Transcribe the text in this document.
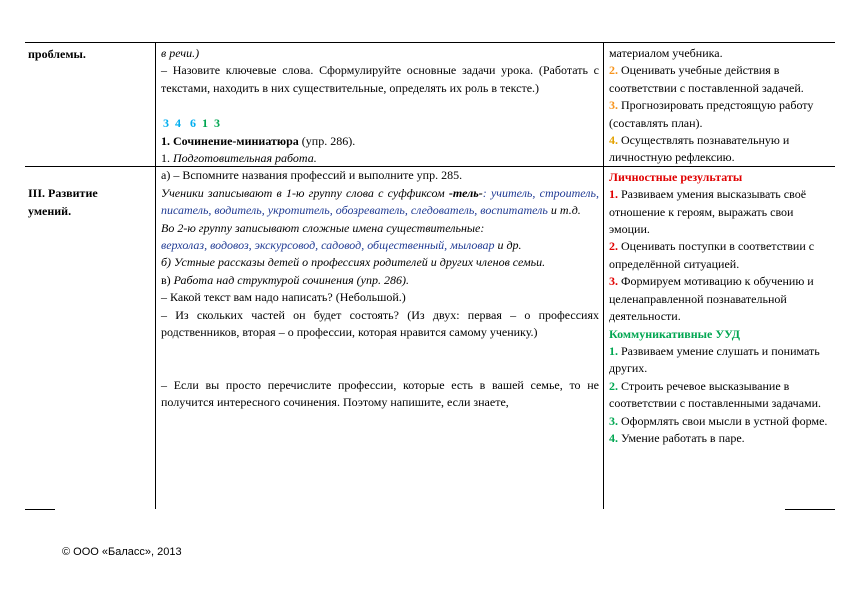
проблемы.
III. Развитие
умений.

в речи.)

– Назовите ключевые слова. Сформулируйте основные задачи урока. (Работать с текстами, находить в них существительные, определять их роль в тексте.)

3 4 6 1 3

1. Сочинение-миниатюра (упр. 286).

1. Подготовительная работа.

а) – Вспомните названия профессий и выполните упр. 285.

Ученики записывают в 1-ю группу слова с суффиксом -тель-: учитель, строитель, писатель, водитель, укротитель, обозреватель, следователь, воспитатель и т.д.

Во 2-ю группу записывают сложные имена существительные:

верхолаз, водовоз, экскурсовод, садовод, общественный, мыловар и др.

б) Устные рассказы детей о профессиях родителей и других членов семьи.

в) Работа над структурой сочинения (упр. 286).

– Какой текст вам надо написать? (Небольшой.)

– Из скольких частей он будет состоять? (Из двух: первая – о профессиях родственников, вторая – о профессии, которая нравится самому ученику.)

– Если вы просто перечислите профессии, которые есть в вашей семье, то не получится интересного сочинения. Поэтому напишите, если знаете,

материалом учебника.

2. Оценивать учебные действия в соответствии с поставленной задачей.

3. Прогнозировать предстоящую работу (составлять план).

4. Осуществлять познавательную и личностную рефлексию.

Личностные результаты

1. Развиваем умения высказывать своё отношение к героям, выражать свои эмоции.

2. Оценивать поступки в соответствии с определённой ситуацией.

3. Формируем мотивацию к обучению и целенаправленной познавательной деятельности.

Коммуникативные УУД

1. Развиваем умение слушать и понимать других.

2. Строить речевое высказывание в соответствии с поставленными задачами.

3. Оформлять свои мысли в устной форме.

4. Умение работать в паре.

© ООО «Баласс», 2013
